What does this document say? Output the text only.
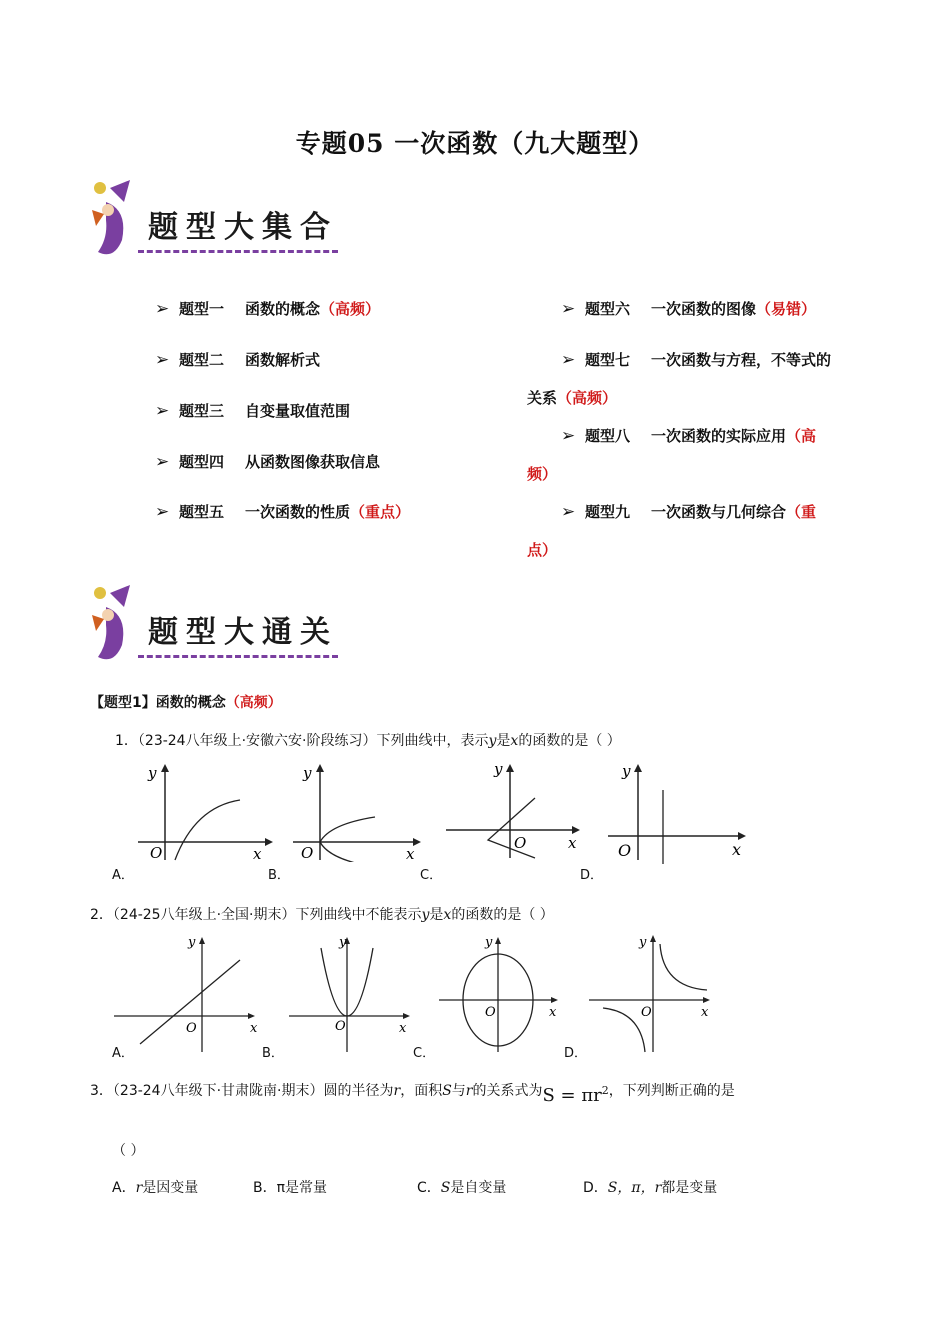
专题05 一次函数（九大题型）
题型大集合
➢ 题型一 函数的概念（高频）
➢ 题型二 函数解析式
➢ 题型三 自变量取值范围
➢ 题型四 从函数图像获取信息
➢ 题型五 一次函数的性质（重点）
➢ 题型六 一次函数的图像（易错）
➢ 题型七 一次函数与方程，不等式的
关系（高频）
➢ 题型八 一次函数的实际应用（高
频）
➢ 题型九 一次函数与几何综合（重
点）
题型大通关
【题型1】函数的概念（高频）
1．（23-24八年级上·安徽六安·阶段练习）下列曲线中，表示y是x的函数的是（ ）
y
O	x
y
O	x
y
O	x
y
O	x
A．	B．	C．	D．
2．（24-25八年级上·全国·期末）下列曲线中不能表示y是x的函数的是（ ）
y
O	x
y
O	x
y
O	x
y
O	x
A．	B．	C．	D．
3．（23-24八年级下·甘肃陇南·期末）圆的半径为r，面积S与r的关系式为$S = \pi r^2$，下列判断正确的是
（ ）
A．r是因变量	B．π是常量	C．S是自变量	D．S，π，r都是变量
